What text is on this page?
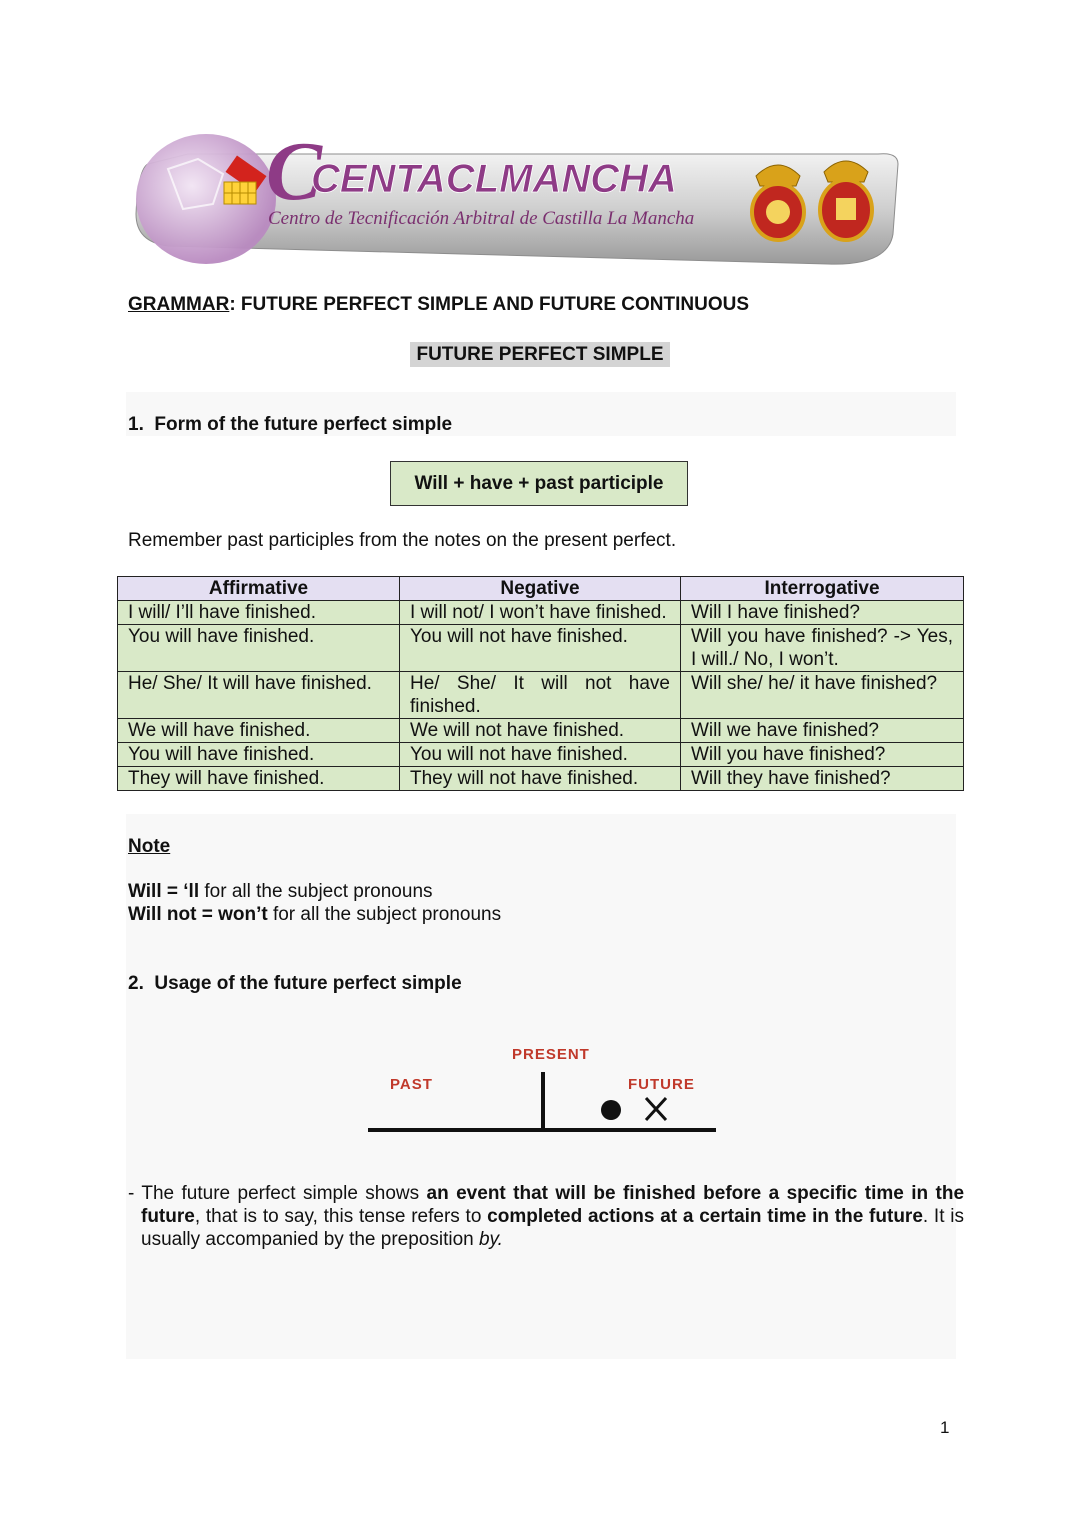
C
CENTACLMANCHA
Centro de Tecnificación Arbitral de Castilla La Mancha
GRAMMAR: FUTURE PERFECT SIMPLE AND FUTURE CONTINUOUS
FUTURE PERFECT SIMPLE
1.  Form of the future perfect simple
Will + have + past participle
Remember past participles from the notes on the present perfect.
Affirmative	Negative	Interrogative
I will/ I’ll have finished.	I will not/ I won’t have finished.	Will I have finished?
You will have finished.	You will not have finished.	Will you have finished? -> Yes, I will./ No, I won’t.
He/ She/ It will have finished.	He/ She/ It will not have finished.	Will she/ he/ it have finished?
We will have finished.	We will not have finished.	Will we have finished?
You will have finished.	You will not have finished.	Will you have finished?
They will have finished.	They will not have finished.	Will they have finished?
Note
Will = ‘ll for all the subject pronouns
Will not = won’t for all the subject pronouns
2.  Usage of the future perfect simple
PRESENT
PAST	FUTURE
- The future perfect simple shows an event that will be finished before a specific time in the future, that is to say, this tense refers to completed actions at a certain time in the future. It is usually accompanied by the preposition by.
1
